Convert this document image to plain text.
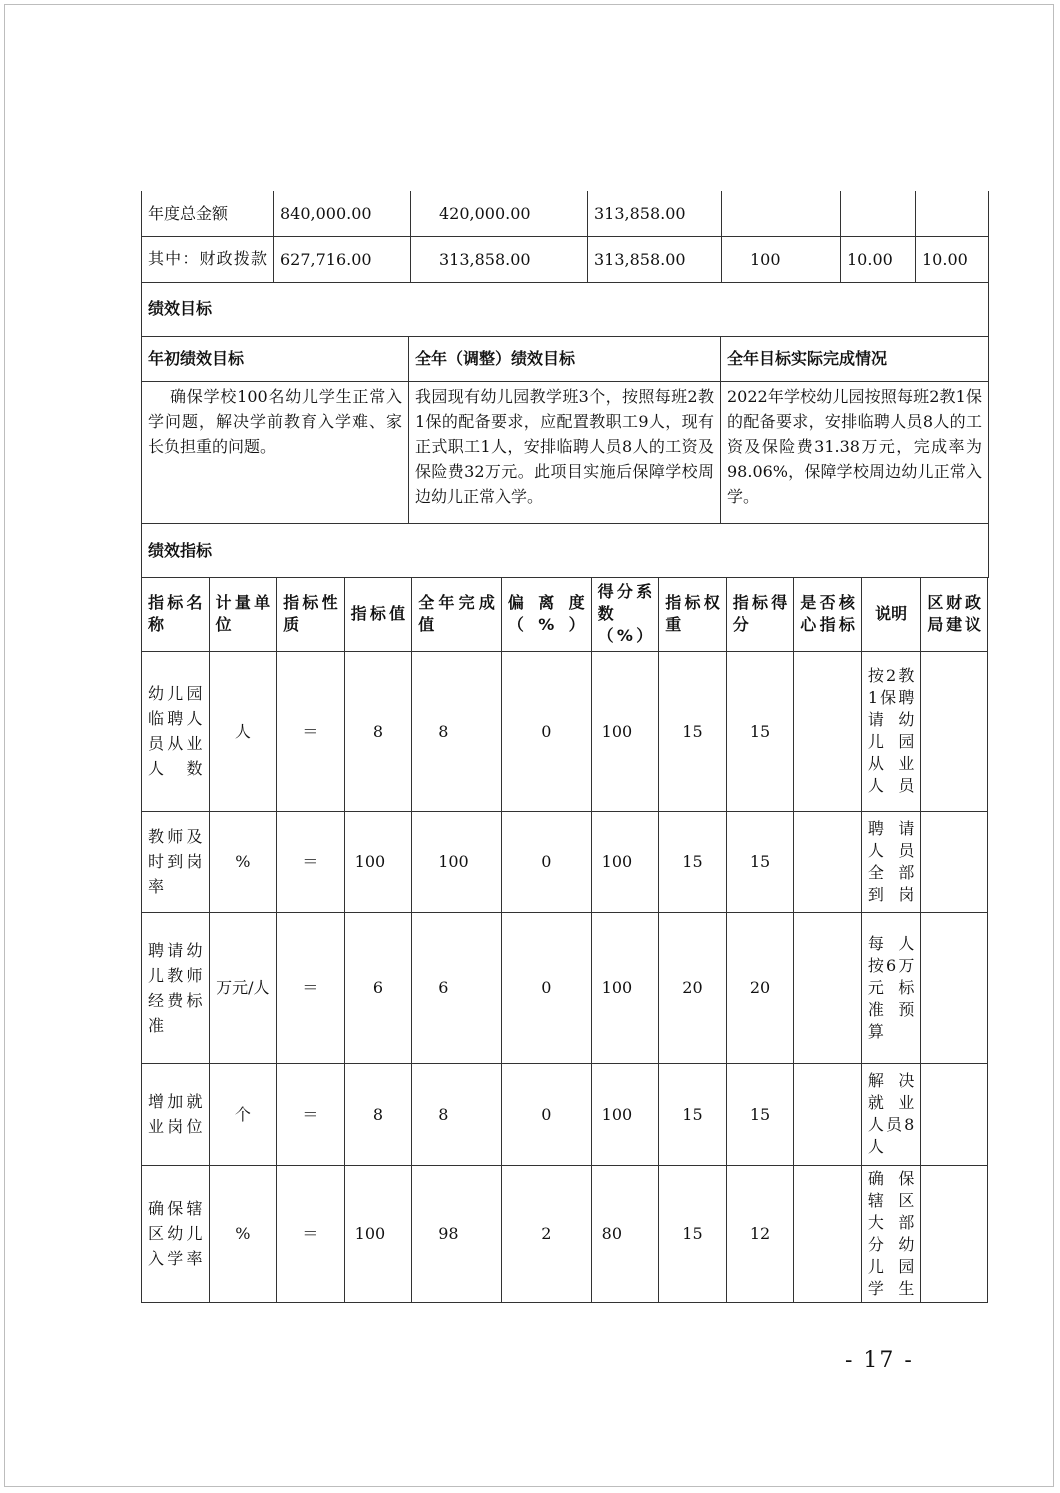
年度总金额	840,000.00	420,000.00	313,858.00			
其中：财政拨款	627,716.00	313,858.00	313,858.00	100	10.00	10.00
绩效目标		
年初绩效目标	全年（调整）绩效目标	全年目标实际完成情况
确保学校100名幼儿学生正常入学问题，解决学前教育入学难、家长负担重的问题。	我园现有幼儿园教学班3个，按照每班2教1保的配备要求，应配置教职工9人，现有正式职工1人，安排临聘人员8人的工资及保险费32万元。此项目实施后保障学校周边幼儿正常入学。	2022年学校幼儿园按照每班2教1保的配备要求，安排临聘人员8人的工资及保险费31.38万元，完成率为98.06%，保障学校周边幼儿正常入学。
绩效指标		
指标名称	计量单位	指标性质	指标值	全年完成值	偏离度（%）	得分系数（%）	指标权重	指标得分	是否核心指标	说明	区财政局建议
幼儿园临聘人员从业人数	人	＝	8	8	0	100	15	15		按2教1保聘请幼儿园从业人员	
教师及时到岗率	%	＝	100	100	0	100	15	15		聘请人员全部到岗	
聘请幼儿教师经费标准	万元/人	＝	6	6	0	100	20	20		每人按6万元标准预算	
增加就业岗位	个	＝	8	8	0	100	15	15		解决就业人员8人	
确保辖区幼儿入学率	%	＝	100	98	2	80	15	12		确保辖区大部分幼儿园学生	
- 17 -
